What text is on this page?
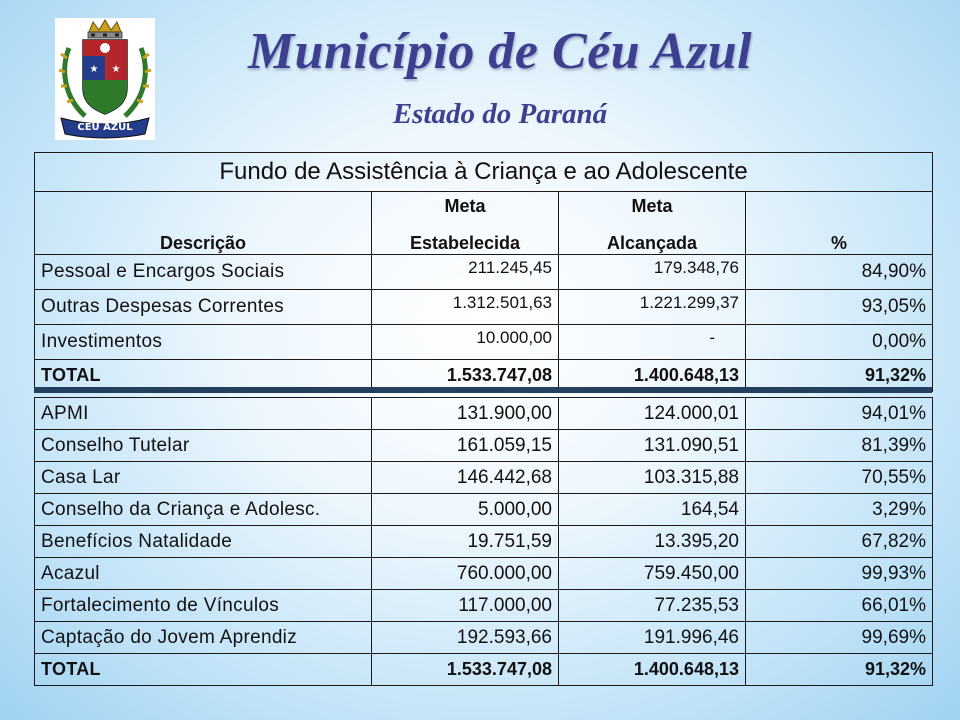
★ ★
CÉU AZUL
Município de Céu Azul
Estado do Paraná
Fundo de Assistência à Criança e ao Adolescente			
Descrição	Meta	Meta	%
	Estabelecida	Alcançada	
Pessoal e Encargos Sociais	211.245,45	179.348,76	84,90%
Outras Despesas Correntes	1.312.501,63	1.221.299,37	93,05%
Investimentos	10.000,00	-	0,00%
TOTAL	1.533.747,08	1.400.648,13	91,32%
APMI	131.900,00	124.000,01	94,01%
Conselho Tutelar	161.059,15	131.090,51	81,39%
Casa Lar	146.442,68	103.315,88	70,55%
Conselho da Criança e Adolesc.	5.000,00	164,54	3,29%
Benefícios Natalidade	19.751,59	13.395,20	67,82%
Acazul	760.000,00	759.450,00	99,93%
Fortalecimento de Vínculos	117.000,00	77.235,53	66,01%
Captação do Jovem Aprendiz	192.593,66	191.996,46	99,69%
TOTAL	1.533.747,08	1.400.648,13	91,32%
